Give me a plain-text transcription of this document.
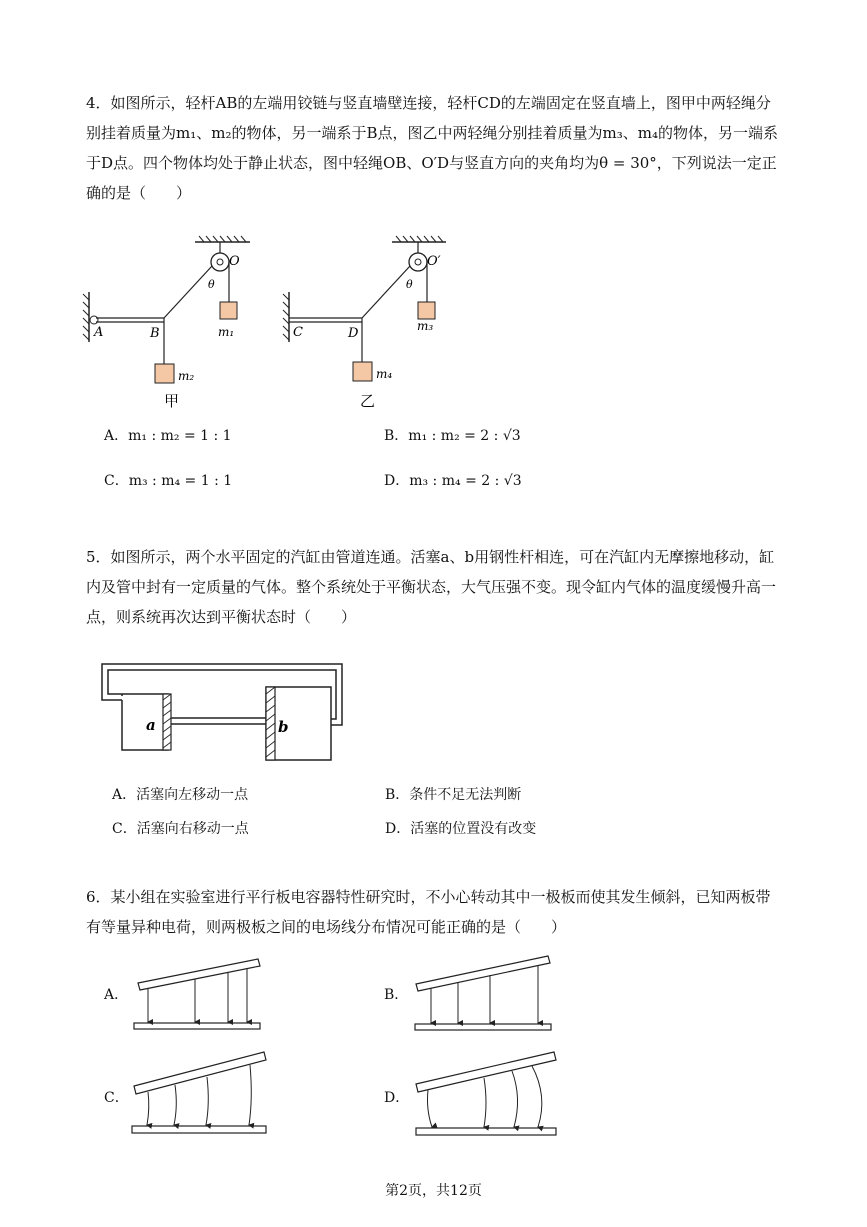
4．如图所示，轻杆AB的左端用铰链与竖直墙壁连接，轻杆CD的左端固定在竖直墙上，图甲中两轻绳分
别挂着质量为m₁、m₂的物体，另一端系于B点，图乙中两轻绳分别挂着质量为m₃、m₄的物体，另一端系
于D点。四个物体均处于静止状态，图中轻绳OB、O′D与竖直方向的夹角均为θ = 30°，下列说法一定正
确的是（　　）
A	B
O
θ
m₁
m₂
甲
C	D
O′
θ
m₃
m₄
乙
A．m₁ : m₂ = 1 : 1	B．m₁ : m₂ = 2 : √3
C．m₃ : m₄ = 1 : 1	D．m₃ : m₄ = 2 : √3
5．如图所示，两个水平固定的汽缸由管道连通。活塞a、b用钢性杆相连，可在汽缸内无摩擦地移动，缸
内及管中封有一定质量的气体。整个系统处于平衡状态，大气压强不变。现令缸内气体的温度缓慢升高一
点，则系统再次达到平衡状态时（　　）
a	b
A．活塞向左移动一点	B．条件不足无法判断
C．活塞向右移动一点	D．活塞的位置没有改变
6．某小组在实验室进行平行板电容器特性研究时，不小心转动其中一极板而使其发生倾斜，已知两板带
有等量异种电荷，则两极板之间的电场线分布情况可能正确的是（　　）
A．	B．
C．	D．
第2页，共12页
